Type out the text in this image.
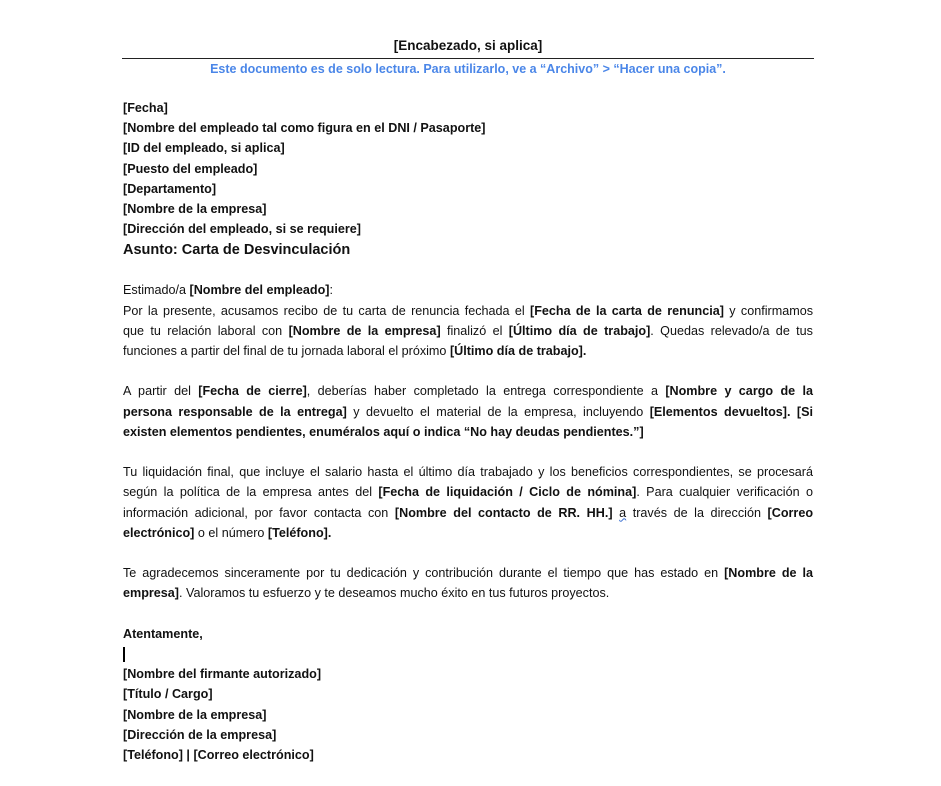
[Encabezado, si aplica]
Este documento es de solo lectura. Para utilizarlo, ve a “Archivo” > “Hacer una copia”.
[Fecha]
[Nombre del empleado tal como figura en el DNI / Pasaporte]
[ID del empleado, si aplica]
[Puesto del empleado]
[Departamento]
[Nombre de la empresa]
[Dirección del empleado, si se requiere]
Asunto: Carta de Desvinculación
Estimado/a [Nombre del empleado]:
Por la presente, acusamos recibo de tu carta de renuncia fechada el [Fecha de la carta de renuncia] y confirmamos
que tu relación laboral con [Nombre de la empresa] finalizó el [Último día de trabajo]. Quedas relevado/a de tus
funciones a partir del final de tu jornada laboral el próximo [Último día de trabajo].
A partir del [Fecha de cierre], deberías haber completado la entrega correspondiente a [Nombre y cargo de la
persona responsable de la entrega] y devuelto el material de la empresa, incluyendo [Elementos devueltos]. [Si
existen elementos pendientes, enuméralos aquí o indica “No hay deudas pendientes.”]
Tu liquidación final, que incluye el salario hasta el último día trabajado y los beneficios correspondientes, se procesará
según la política de la empresa antes del [Fecha de liquidación / Ciclo de nómina]. Para cualquier verificación o
información adicional, por favor contacta con [Nombre del contacto de RR. HH.] a través de la dirección [Correo
electrónico] o el número [Teléfono].
Te agradecemos sinceramente por tu dedicación y contribución durante el tiempo que has estado en [Nombre de la
empresa]. Valoramos tu esfuerzo y te deseamos mucho éxito en tus futuros proyectos.
Atentamente,
[Nombre del firmante autorizado]
[Título / Cargo]
[Nombre de la empresa]
[Dirección de la empresa]
[Teléfono] | [Correo electrónico]
